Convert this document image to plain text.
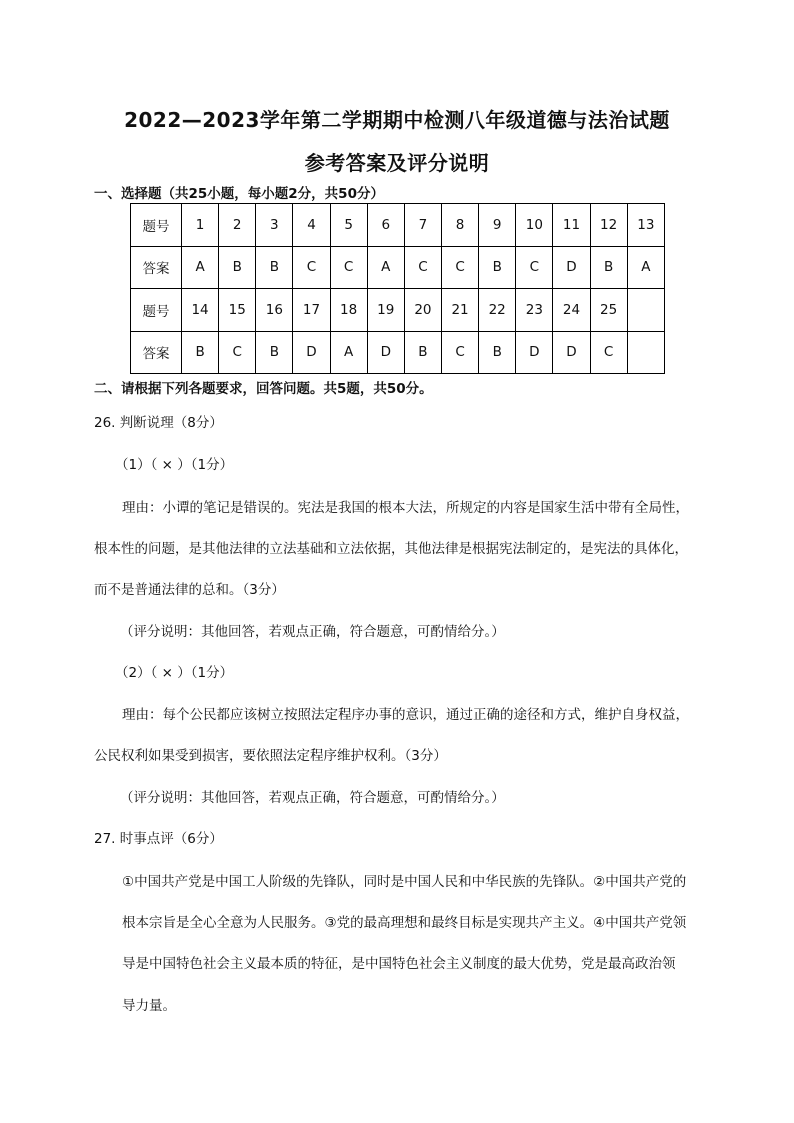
2022—2023学年第二学期期中检测八年级道德与法治试题
参考答案及评分说明
一、选择题（共25小题，每小题2分，共50分）
题号	1	2	3	4	5	6	7	8	9	10	11	12	13
答案	A	B	B	C	C	A	C	C	B	C	D	B	A
题号	14	15	16	17	18	19	20	21	22	23	24	25	
答案	B	C	B	D	A	D	B	C	B	D	D	C	
二、请根据下列各题要求，回答问题。共5题，共50分。
26. 判断说理（8分）
（1）（ × ）（1分）
理由：小谭的笔记是错误的。宪法是我国的根本大法，所规定的内容是国家生活中带有全局性，
根本性的问题，是其他法律的立法基础和立法依据，其他法律是根据宪法制定的，是宪法的具体化，
而不是普通法律的总和。（3分）
（评分说明：其他回答，若观点正确，符合题意，可酌情给分。）
（2）（ × ）（1分）
理由：每个公民都应该树立按照法定程序办事的意识，通过正确的途径和方式，维护自身权益，
公民权利如果受到损害，要依照法定程序维护权利。（3分）
（评分说明：其他回答，若观点正确，符合题意，可酌情给分。）
27. 时事点评（6分）
①中国共产党是中国工人阶级的先锋队，同时是中国人民和中华民族的先锋队。②中国共产党的
根本宗旨是全心全意为人民服务。③党的最高理想和最终目标是实现共产主义。④中国共产党领
导是中国特色社会主义最本质的特征，是中国特色社会主义制度的最大优势，党是最高政治领
导力量。
